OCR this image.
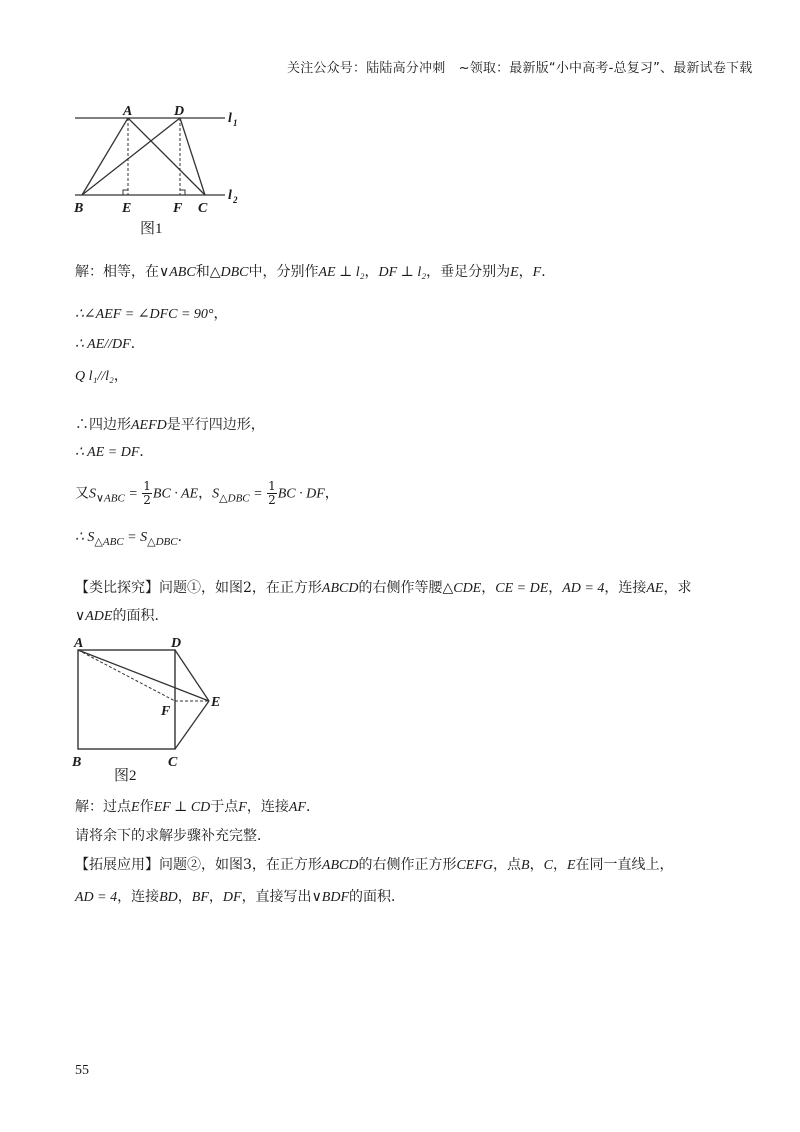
关注公众号：陆陆高分冲刺　~领取：最新版“小中高考-总复习”、最新试卷下载
A	D
B	E	F C
l 1
l 2
图1
解：相等，在∨ABC和△DBC中，分别作AE ⊥ l₂，DF ⊥ l₂，垂足分别为E，F．
∴∠AEF = ∠DFC = 90°，
∴ AE//DF．
Q l₁//l₂，
∴四边形AEFD是平行四边形，
∴ AE = DF．
又$S_{\vee ABC} = \frac{1}{2}$ BC · AE，$S_{\triangle DBC} = \frac{1}{2}$ BC · DF，
∴ $S_{\triangle ABC} = S_{\triangle DBC}$．
【类比探究】问题①，如图2，在正方形ABCD的右侧作等腰△CDE，CE = DE，AD = 4，连接AE，求
∨ADE的面积．
A	D
B	C
E
F
图2
解：过点E作EF ⊥ CD于点F，连接AF．
请将余下的求解步骤补充完整．
【拓展应用】问题②，如图3，在正方形ABCD的右侧作正方形CEFG，点B，C，E在同一直线上，
AD = 4，连接BD，BF，DF，直接写出∨BDF的面积．
55
